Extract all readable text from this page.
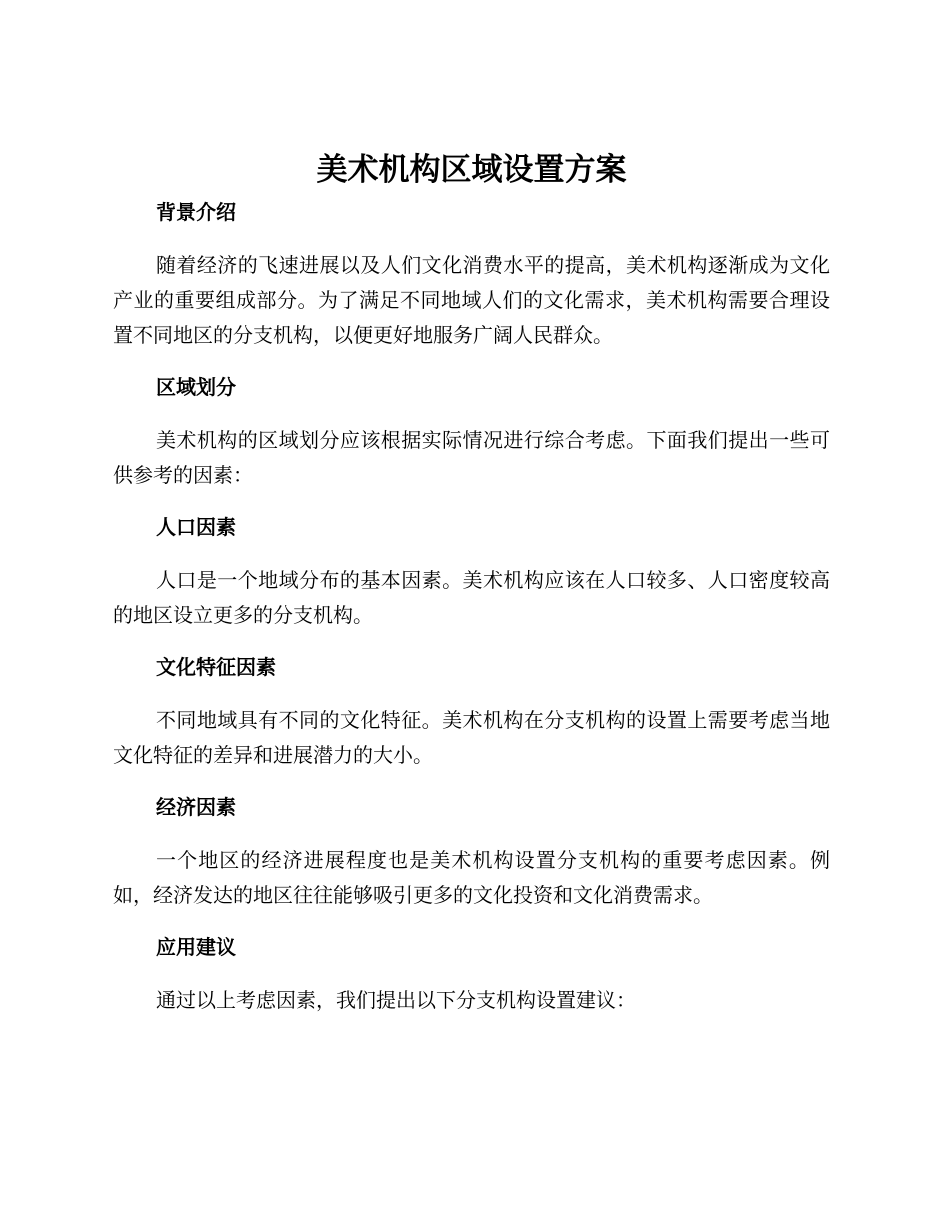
美术机构区域设置方案
背景介绍

随着经济的飞速进展以及人们文化消费水平的提高，美术机构逐渐成为文化产业的重要组成部分。为了满足不同地域人们的文化需求，美术机构需要合理设置不同地区的分支机构，以便更好地服务广阔人民群众。

区域划分

美术机构的区域划分应该根据实际情况进行综合考虑。下面我们提出一些可供参考的因素：

人口因素

人口是一个地域分布的基本因素。美术机构应该在人口较多、人口密度较高的地区设立更多的分支机构。

文化特征因素

不同地域具有不同的文化特征。美术机构在分支机构的设置上需要考虑当地文化特征的差异和进展潜力的大小。

经济因素

一个地区的经济进展程度也是美术机构设置分支机构的重要考虑因素。例如，经济发达的地区往往能够吸引更多的文化投资和文化消费需求。

应用建议

通过以上考虑因素，我们提出以下分支机构设置建议：
